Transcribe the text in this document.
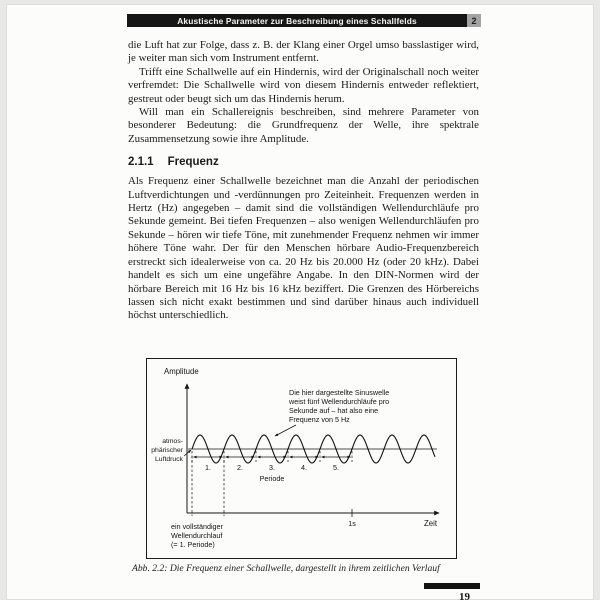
Akustische Parameter zur Beschreibung eines Schallfelds	2

die Luft hat zur Folge, dass z. B. der Klang einer Orgel umso basslastiger wird, je weiter man sich vom Instrument entfernt.

Trifft eine Schallwelle auf ein Hindernis, wird der Originalschall noch weiter verfremdet: Die Schallwelle wird von diesem Hindernis entweder reflektiert, gestreut oder beugt sich um das Hindernis herum.

Will man ein Schallereignis beschreiben, sind mehrere Parameter von besonderer Bedeutung: die Grundfrequenz der Welle, ihre spektrale Zusammensetzung sowie ihre Amplitude.

2.1.1 Frequenz

Als Frequenz einer Schallwelle bezeichnet man die Anzahl der periodischen Luftverdichtungen und -verdünnungen pro Zeiteinheit. Frequenzen werden in Hertz (Hz) angegeben – damit sind die vollständigen Wellendurchläufe pro Sekunde gemeint. Bei tiefen Frequenzen – also wenigen Wellendurchläufen pro Sekunde – hören wir tiefe Töne, mit zunehmender Frequenz nehmen wir immer höhere Töne wahr. Der für den Menschen hörbare Audio-Frequenzbereich erstreckt sich idealerweise von ca. 20 Hz bis 20.000 Hz (oder 20 kHz). Dabei handelt es sich um eine ungefähre Angabe. In den DIN-Normen wird der hörbare Bereich mit 16 Hz bis 16 kHz beziffert. Die Grenzen des Hörbereichs lassen sich nicht exakt bestimmen und sind darüber hinaus auch individuell höchst unterschiedlich.

Amplitude
Zeit
Die hier dargestellte Sinuswelle
weist fünf Wellendurchläufe pro
Sekunde auf – hat also eine
Frequenz von 5 Hz
atmos-
phärischer
Luftdruck
1.	2.	3.	4.	5.
Periode
1s
ein vollständiger
Wellendurchlauf
(= 1. Periode)
Abb. 2.2: Die Frequenz einer Schallwelle, dargestellt in ihrem zeitlichen Verlauf
19
